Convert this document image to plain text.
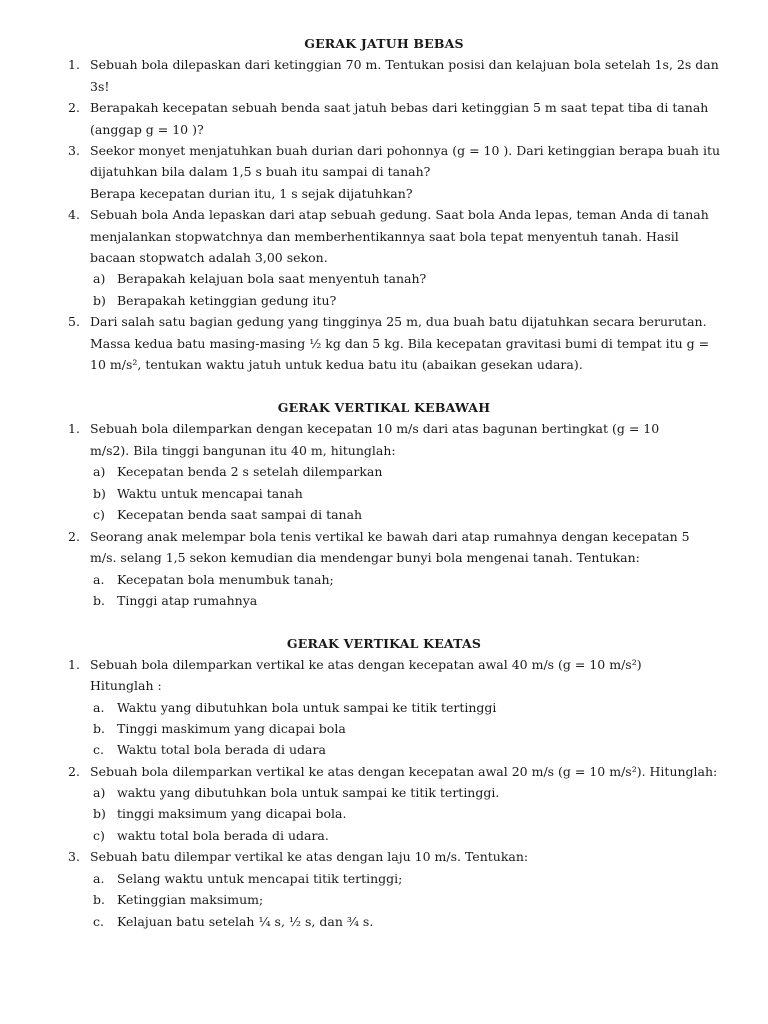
GERAK JATUH BEBAS
1. Sebuah bola dilepaskan dari ketinggian 70 m. Tentukan posisi dan kelajuan bola setelah 1s, 2s dan
3s!
2. Berapakah kecepatan sebuah benda saat jatuh bebas dari ketinggian 5 m saat tepat tiba di tanah
(anggap g = 10 )?
3. Seekor monyet menjatuhkan buah durian dari pohonnya (g = 10 ). Dari ketinggian berapa buah itu
dijatuhkan bila dalam 1,5 s buah itu sampai di tanah?
Berapa kecepatan durian itu, 1 s sejak dijatuhkan?
4. Sebuah bola Anda lepaskan dari atap sebuah gedung. Saat bola Anda lepas, teman Anda di tanah
menjalankan stopwatchnya dan memberhentikannya saat bola tepat menyentuh tanah. Hasil
bacaan stopwatch adalah 3,00 sekon.
a) Berapakah kelajuan bola saat menyentuh tanah?
b) Berapakah ketinggian gedung itu?
5. Dari salah satu bagian gedung yang tingginya 25 m, dua buah batu dijatuhkan secara berurutan.
Massa kedua batu masing-masing ½ kg dan 5 kg. Bila kecepatan gravitasi bumi di tempat itu g =
10 m/s², tentukan waktu jatuh untuk kedua batu itu (abaikan gesekan udara).
GERAK VERTIKAL KEBAWAH
1. Sebuah bola dilemparkan dengan kecepatan 10 m/s dari atas bagunan bertingkat (g = 10
m/s2). Bila tinggi bangunan itu 40 m, hitunglah:
a) Kecepatan benda 2 s setelah dilemparkan
b) Waktu untuk mencapai tanah
c) Kecepatan benda saat sampai di tanah
2. Seorang anak melempar bola tenis vertikal ke bawah dari atap rumahnya dengan kecepatan 5
m/s. selang 1,5 sekon kemudian dia mendengar bunyi bola mengenai tanah. Tentukan:
a. Kecepatan bola menumbuk tanah;
b. Tinggi atap rumahnya
GERAK VERTIKAL KEATAS
1. Sebuah bola dilemparkan vertikal ke atas dengan kecepatan awal 40 m/s (g = 10 m/s²)
Hitunglah :
a. Waktu yang dibutuhkan bola untuk sampai ke titik tertinggi
b. Tinggi maskimum yang dicapai bola
c. Waktu total bola berada di udara
2. Sebuah bola dilemparkan vertikal ke atas dengan kecepatan awal 20 m/s (g = 10 m/s²). Hitunglah:
a) waktu yang dibutuhkan bola untuk sampai ke titik tertinggi.
b) tinggi maksimum yang dicapai bola.
c) waktu total bola berada di udara.
3. Sebuah batu dilempar vertikal ke atas dengan laju 10 m/s. Tentukan:
a. Selang waktu untuk mencapai titik tertinggi;
b. Ketinggian maksimum;
c. Kelajuan batu setelah ¼ s, ½ s, dan ¾ s.
